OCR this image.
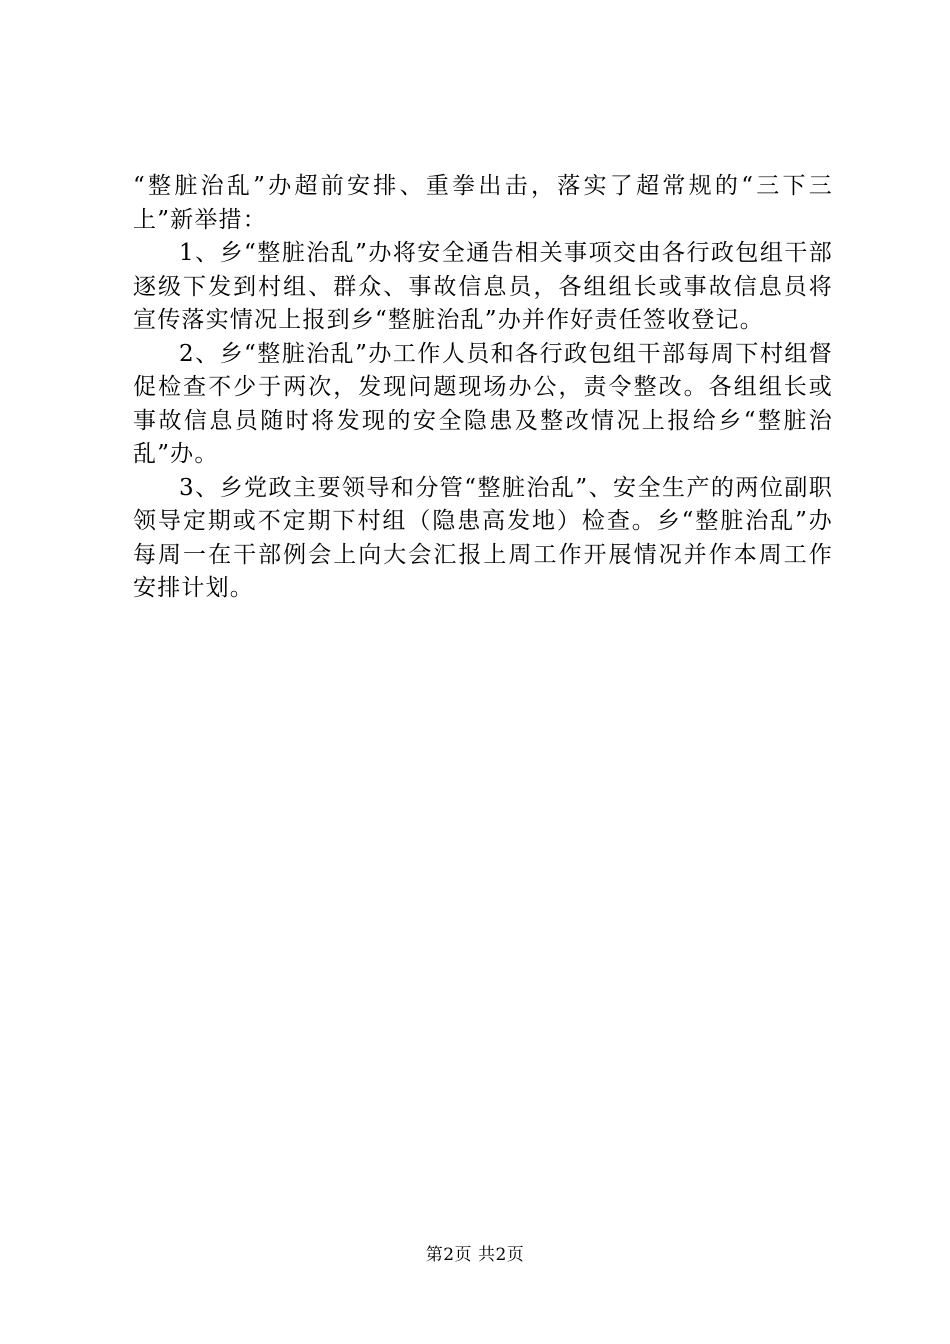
“整脏治乱”办超前安排、重拳出击，落实了超常规的“三下三上”新举措：

1、乡“整脏治乱”办将安全通告相关事项交由各行政包组干部逐级下发到村组、群众、事故信息员，各组组长或事故信息员将宣传落实情况上报到乡“整脏治乱”办并作好责任签收登记。

2、乡“整脏治乱”办工作人员和各行政包组干部每周下村组督促检查不少于两次，发现问题现场办公，责令整改。各组组长或事故信息员随时将发现的安全隐患及整改情况上报给乡“整脏治乱”办。

3、乡党政主要领导和分管“整脏治乱”、安全生产的两位副职领导定期或不定期下村组（隐患高发地）检查。乡“整脏治乱”办每周一在干部例会上向大会汇报上周工作开展情况并作本周工作安排计划。

第2页 共2页
